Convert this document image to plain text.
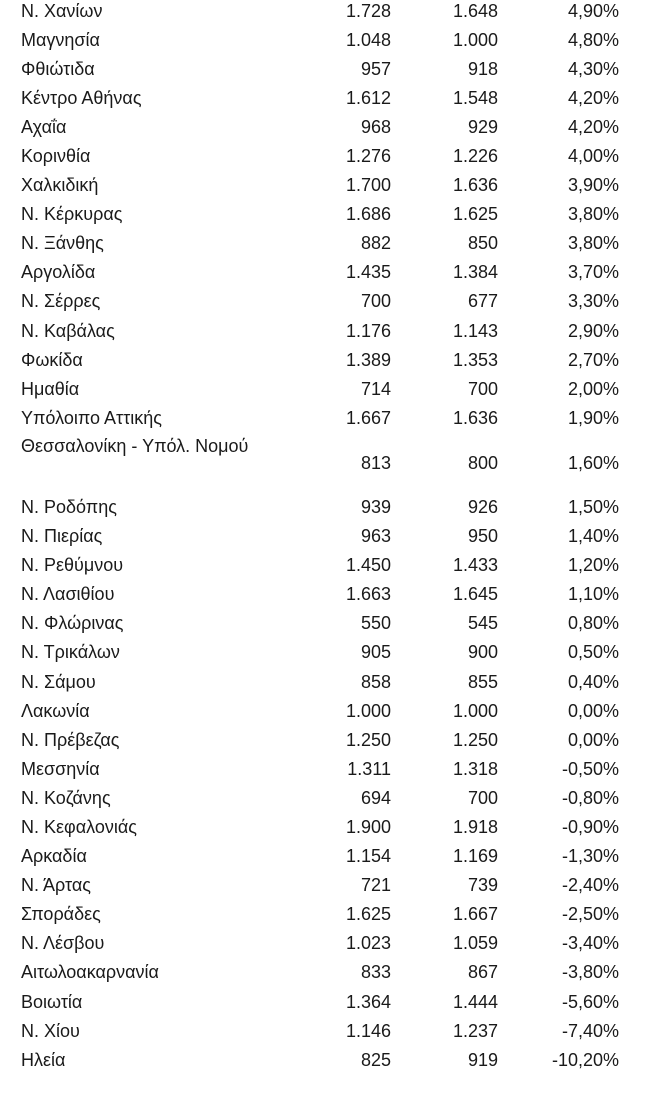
Ν. Χανίων	1.728	1.648	4,90%
Μαγνησία	1.048	1.000	4,80%
Φθιώτιδα	957	918	4,30%
Κέντρο Αθήνας	1.612	1.548	4,20%
Αχαΐα	968	929	4,20%
Κορινθία	1.276	1.226	4,00%
Χαλκιδική	1.700	1.636	3,90%
Ν. Κέρκυρας	1.686	1.625	3,80%
Ν. Ξάνθης	882	850	3,80%
Αργολίδα	1.435	1.384	3,70%
Ν. Σέρρες	700	677	3,30%
Ν. Καβάλας	1.176	1.143	2,90%
Φωκίδα	1.389	1.353	2,70%
Ημαθία	714	700	2,00%
Υπόλοιπο Αττικής	1.667	1.636	1,90%
Θεσσαλονίκη - Υπόλ. Νομού	813	800	1,60%
Ν. Ροδόπης	939	926	1,50%
Ν. Πιερίας	963	950	1,40%
Ν. Ρεθύμνου	1.450	1.433	1,20%
Ν. Λασιθίου	1.663	1.645	1,10%
Ν. Φλώρινας	550	545	0,80%
Ν. Τρικάλων	905	900	0,50%
Ν. Σάμου	858	855	0,40%
Λακωνία	1.000	1.000	0,00%
Ν. Πρέβεζας	1.250	1.250	0,00%
Μεσσηνία	1.311	1.318	-0,50%
Ν. Κοζάνης	694	700	-0,80%
Ν. Κεφαλονιάς	1.900	1.918	-0,90%
Αρκαδία	1.154	1.169	-1,30%
Ν. Άρτας	721	739	-2,40%
Σποράδες	1.625	1.667	-2,50%
Ν. Λέσβου	1.023	1.059	-3,40%
Αιτωλοακαρνανία	833	867	-3,80%
Βοιωτία	1.364	1.444	-5,60%
Ν. Χίου	1.146	1.237	-7,40%
Ηλεία	825	919	-10,20%
